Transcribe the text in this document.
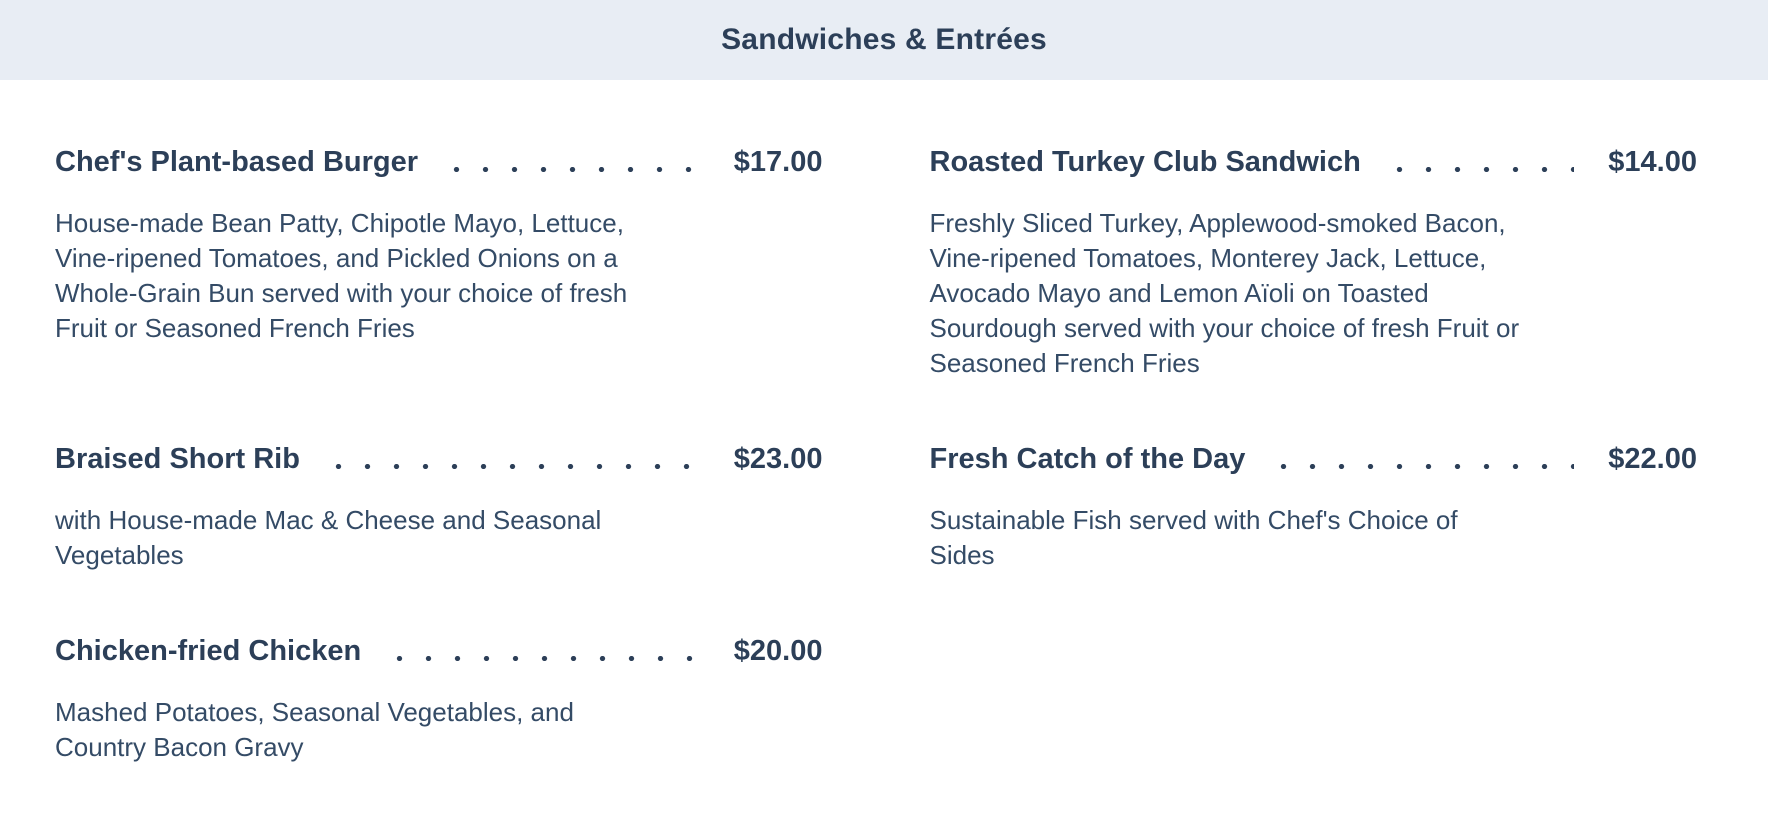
Sandwiches & Entrées
Chef's Plant-based Burger	$17.00

House-made Bean Patty, Chipotle Mayo, Lettuce, Vine-ripened Tomatoes, and Pickled Onions on a Whole-Grain Bun served with your choice of fresh Fruit or Seasoned French Fries

Roasted Turkey Club Sandwich	$14.00

Freshly Sliced Turkey, Applewood-smoked Bacon, Vine-ripened Tomatoes, Monterey Jack, Lettuce, Avocado Mayo and Lemon Aïoli on Toasted Sourdough served with your choice of fresh Fruit or Seasoned French Fries

Braised Short Rib	$23.00

with House-made Mac & Cheese and Seasonal Vegetables

Fresh Catch of the Day	$22.00

Sustainable Fish served with Chef's Choice of Sides

Chicken-fried Chicken	$20.00

Mashed Potatoes, Seasonal Vegetables, and Country Bacon Gravy
